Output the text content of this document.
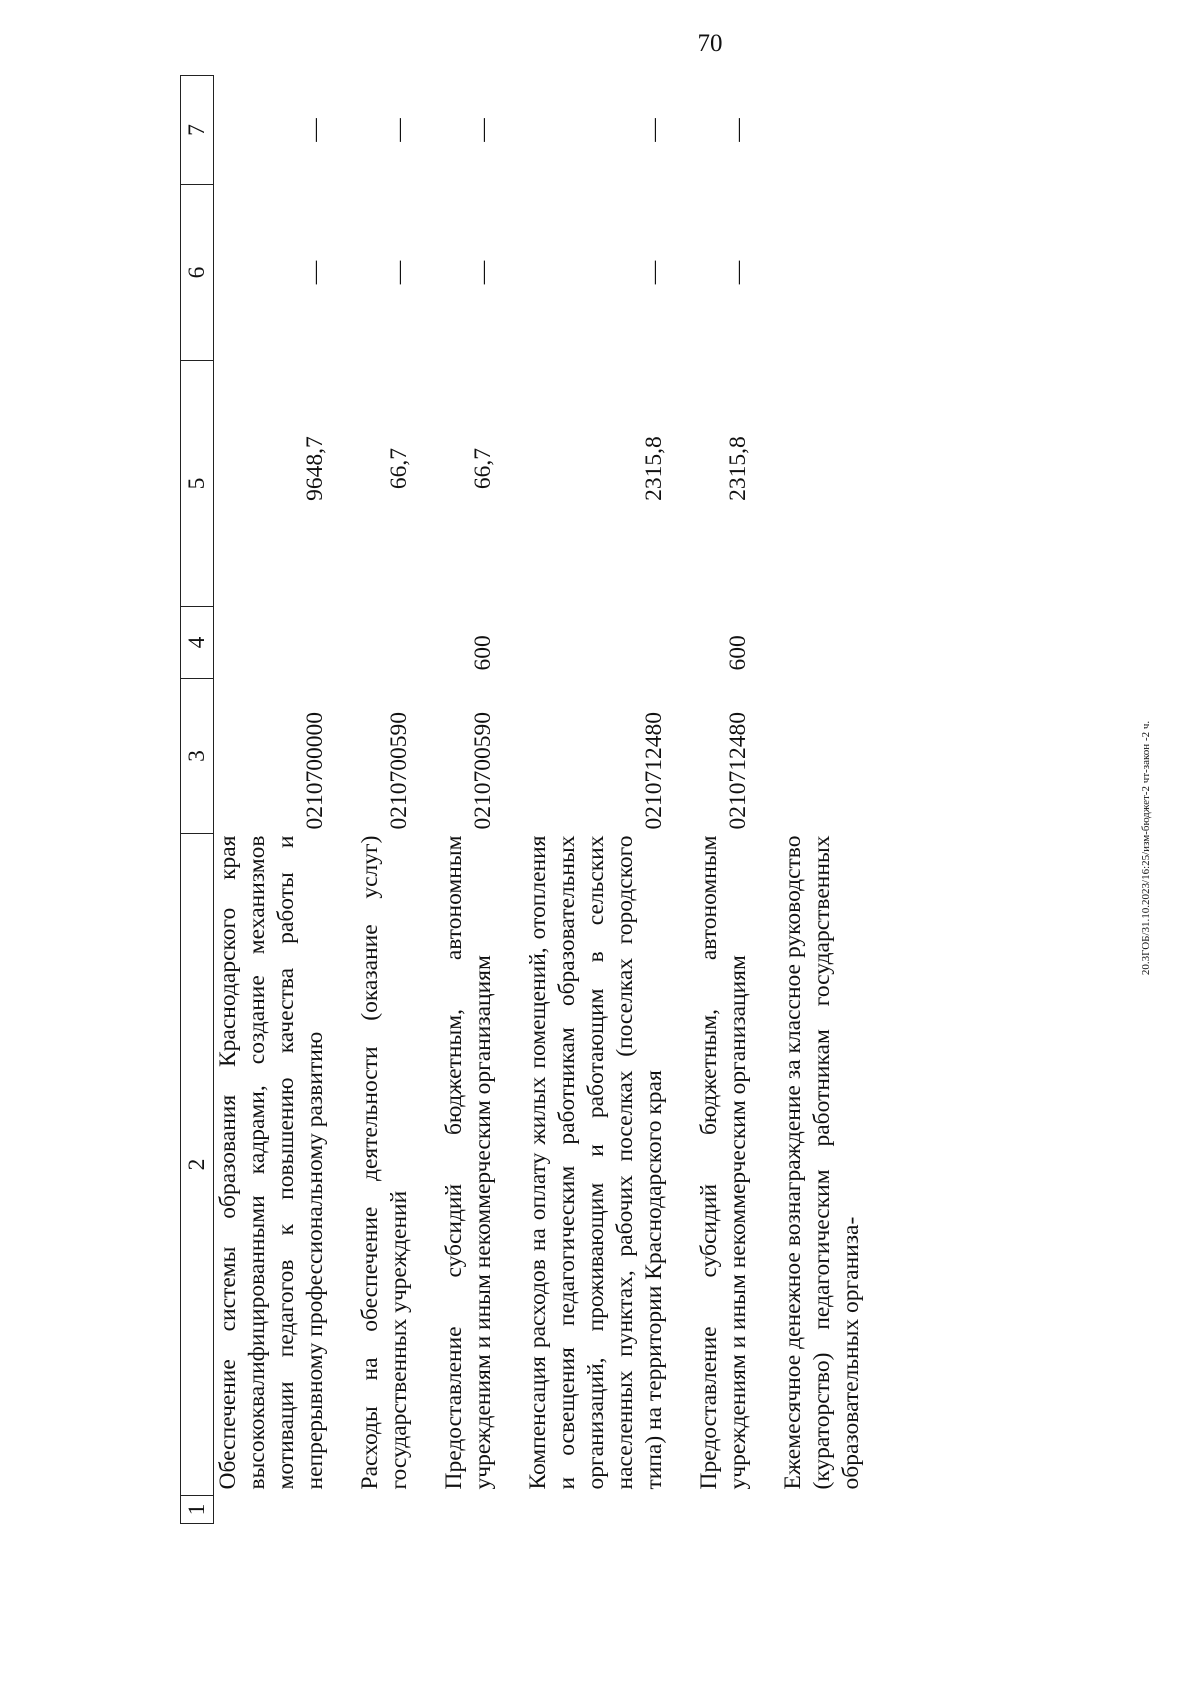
70
20.3ГОБ/31.10.2023/16:25/изм-бюджет-2 чт-закон -2 ч.
1	2	3	4	5	6	7
	Обеспечение системы образования Краснодарского края высококвалифицированными кадрами, создание механизмов мотивации педагогов к повышению качества работы и непрерывному профессиональному развитию	0210700000		9648,7	—	—

	Расходы на обеспечение деятельности (оказание услуг) государственных учреждений	0210700590		66,7	—	—

	Предоставление субсидий бюджетным, автономным учреждениям и иным некоммерческим организациям	0210700590	600	66,7	—	—

	Компенсация расходов на оплату жилых помещений, отопления и освещения педагогическим работникам образовательных организаций, проживающим и работающим в сельских населенных пунктах, рабочих поселках (поселках городского типа) на территории Краснодарского края	0210712480		2315,8	—	—

	Предоставление субсидий бюджетным, автономным учреждениям и иным некоммерческим организациям	0210712480	600	2315,8	—	—

	Ежемесячное денежное вознаграждение за классное руководство (кураторство) педагогическим работникам государственных образовательных организа-					
